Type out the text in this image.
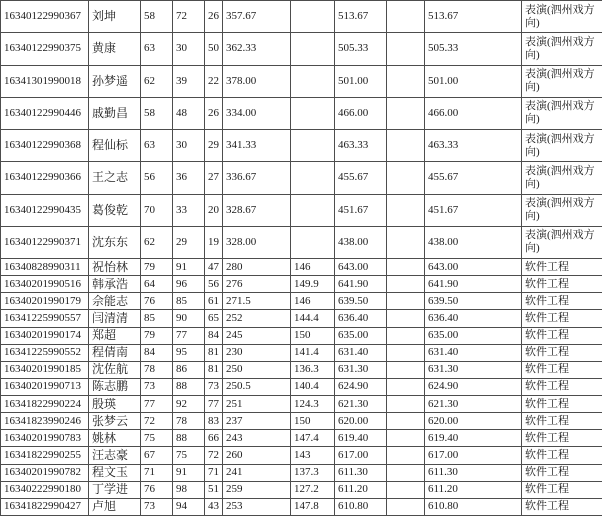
16340122990367	刘坤	58	72	26	357.67		513.67		513.67	表演(泗州戏方向)
16340122990375	黄康	63	30	50	362.33		505.33		505.33	表演(泗州戏方向)
16341301990018	孙梦遥	62	39	22	378.00		501.00		501.00	表演(泗州戏方向)
16340122990446	戚勤昌	58	48	26	334.00		466.00		466.00	表演(泗州戏方向)
16340122990368	程仙标	63	30	29	341.33		463.33		463.33	表演(泗州戏方向)
16340122990366	王之志	56	36	27	336.67		455.67		455.67	表演(泗州戏方向)
16340122990435	葛俊乾	70	33	20	328.67		451.67		451.67	表演(泗州戏方向)
16340122990371	沈东东	62	29	19	328.00		438.00		438.00	表演(泗州戏方向)
16340828990311	祝怡林	79	91	47	280	146	643.00		643.00	软件工程
16340201990516	韩承浩	64	96	56	276	149.9	641.90		641.90	软件工程
16340201990179	佘能志	76	85	61	271.5	146	639.50		639.50	软件工程
16341225990557	闫清清	85	90	65	252	144.4	636.40		636.40	软件工程
16340201990174	郑超	79	77	84	245	150	635.00		635.00	软件工程
16341225990552	程倩南	84	95	81	230	141.4	631.40		631.40	软件工程
16340201990185	沈佐航	78	86	81	250	136.3	631.30		631.30	软件工程
16340201990713	陈志鹏	73	88	73	250.5	140.4	624.90		624.90	软件工程
16341822990224	殷瑛	77	92	77	251	124.3	621.30		621.30	软件工程
16341823990246	张梦云	72	78	83	237	150	620.00		620.00	软件工程
16340201990783	姚林	75	88	66	243	147.4	619.40		619.40	软件工程
16341822990255	汪志豪	67	75	72	260	143	617.00		617.00	软件工程
16340201990782	程文玉	71	91	71	241	137.3	611.30		611.30	软件工程
16340222990180	丁学进	76	98	51	259	127.2	611.20		611.20	软件工程
16341822990427	卢旭	73	94	43	253	147.8	610.80		610.80	软件工程
